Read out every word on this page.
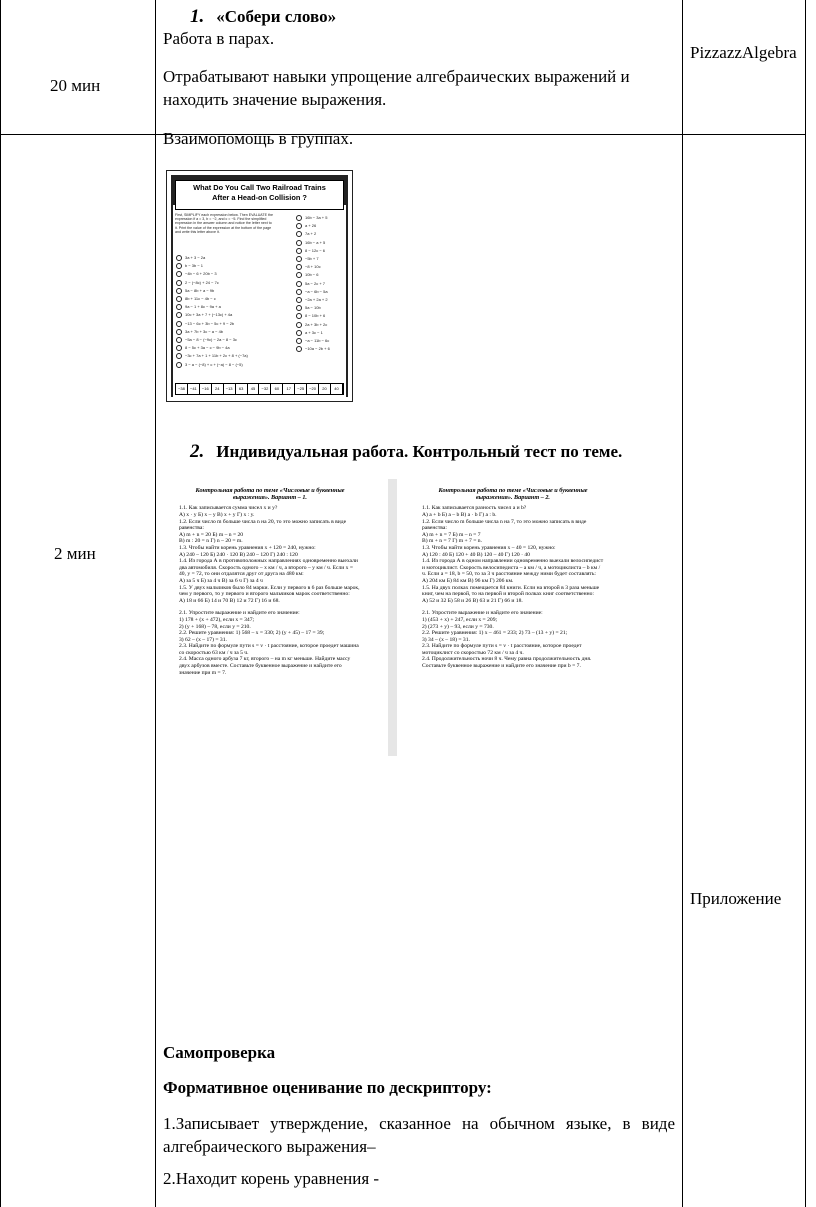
20 мин
1. «Собери слово»
Работа в парах.
Отрабатывают навыки упрощение алгебраических выражений и находить значение выражения.
Взаимопомощь в группах.
PizzazzAlgebra
What Do You Call Two Railroad Trains
After a Head-on Collision ?
First, SIMPLIFY each expression below. Then EVALUATE the expression if a = 3, b = −2, and c = −5. Find the simplified expression in the answer column and notice the letter next to it. Print the value of the expression at the bottom of the page and write this letter above it.
3a + 3 − 2a
b − 3b − 1
−4b − 6 + 20b − 3
2 − (−8c) + 24 − 7c
5a − 8b + a − 9b
8b + 11c − 4b − c
9a − 1 + 8c − 9a + a
10c + 3a + 7 + (−13c) + 4a
−13 − 6c + 3b − 5c + 9 − 2b
3a + 7b + 3c − a − 4b
−5a − 8 − (−9c) − 2a − 8 − 3c
8 − 5c + 3a − c − 9b − 4a
−3c + 7a + 1 + 11b + 2c + 8 + (−7a)
3 − a − (−8) + c + (−a) − 8 − (−5)
16b − 3a + 5
a + 26
7a + 2
16b − a + 5
8 − 12c − 6
−5b + 7
−8 + 10c
10b − 6
5a − 2c + 7
−a − 6b − 5a
−2a + 2a + 2
5a − 10b
8 − 10b + 6
2a + 3b + 2c
a + 3c − 1
−a − 11b − 6c
−10a − 2b + 6
−38	−41	−16	24	−13	63	45	−32	60	17	−25	−20	20	40
2 мин
2. Индивидуальная работа. Контрольный тест по теме.
Контрольная работа по теме «Числовые и буквенные выражения». Вариант – 1.

1.1. Как записывается сумма чисел x и y?

А) x · y Б) x – y В) x + y Г) x : y.

1.2. Если число m больше числа n на 20, то это можно записать в виде равенства:

А) m + n = 20 Б) m – n = 20

В) m : 20 = n Г) n – 20 = m.

1.3. Чтобы найти корень уравнения x + 120 = 240, нужно:

А) 240 – 120 Б) 240 · 120 В) 240 – 120 Г) 240 : 120

1.4. Из города А в противоположных направлениях одновременно выехали два автомобиля. Скорость одного – x км / ч, а второго – y км / ч. Если x = 40, y = 72, то они отдалятся друг от друга на 480 км:

А) за 5 ч Б) за 4 ч В) за 6 ч Г) за 4 ч

1.5. У двух мальчиков было 84 марки. Если у первого в 6 раз больше марок, чем у первого, то у первого и второго мальчиков марок соответственно:

А) 18 и 66 Б) 14 и 70 В) 12 и 72 Г) 16 и 68.

2.1. Упростите выражение и найдите его значение:

1) 178 + (x + 472), если x = 347;

2) (y + 168) – 78, если y = 210.

2.2. Решите уравнения: 1) 568 – x = 330; 2) (y + 45) – 17 = 39;

3) 62 – (x – 17) = 31.

2.3. Найдите по формуле пути s = v · t расстояние, которое проедет машина со скоростью 63 км / ч за 5 ч.

2.4. Масса одного арбуза 7 кг, второго – на m кг меньше. Найдите массу двух арбузов вместе. Составьте буквенное выражение и найдите его значение при m = 7.

Контрольная работа по теме «Числовые и буквенные выражения». Вариант – 2.

1.1. Как записывается разность чисел a и b?

А) a + b Б) a – b В) a · b Г) a : b.

1.2. Если число m больше числа n на 7, то это можно записать в виде равенства:

А) m + n = 7 Б) m – n = 7

В) m + n = 7 Г) m + 7 = n.

1.3. Чтобы найти корень уравнения x – 40 = 120, нужно:

А) 120 : 40 Б) 120 + 40 В) 120 – 40 Г) 120 · 40

1.4. Из города А в одном направлении одновременно выехали велосипедист и мотоциклист. Скорость велосипедиста – a км / ч, а мотоциклиста – b км / ч. Если a = 18, b = 50, то за 3 ч расстояние между ними будет составлять:

А) 204 км Б) 84 км В) 96 км Г) 206 км.

1.5. На двух полках помещается 84 книги. Если на второй в 3 раза меньше книг, чем на первой, то на первой и второй полках книг соответственно:

А) 52 и 32 Б) 58 и 26 В) 63 и 21 Г) 66 и 18.

2.1. Упростите выражение и найдите его значение:

1) (453 + x) + 247, если x = 209;

2) (273 + y) – 93, если y = 730.

2.2. Решите уравнения: 1) x – 461 = 233; 2) 73 – (13 + y) = 21;

3) 34 – (x – 18) = 31.

2.3. Найдите по формуле пути s = v · t расстояние, которое проедет мотоциклист со скоростью 72 км / ч за 4 ч.

2.4. Продолжительность ночи 8 ч. Чему равна продолжительность дня. Составьте буквенное выражение и найдите его значение при b = 7.

Приложение
Самопроверка
Формативное оценивание по дескриптору:
1.Записывает утверждение, сказанное на обычном языке, в виде алгебраического выражения–
2.Находит корень уравнения -
